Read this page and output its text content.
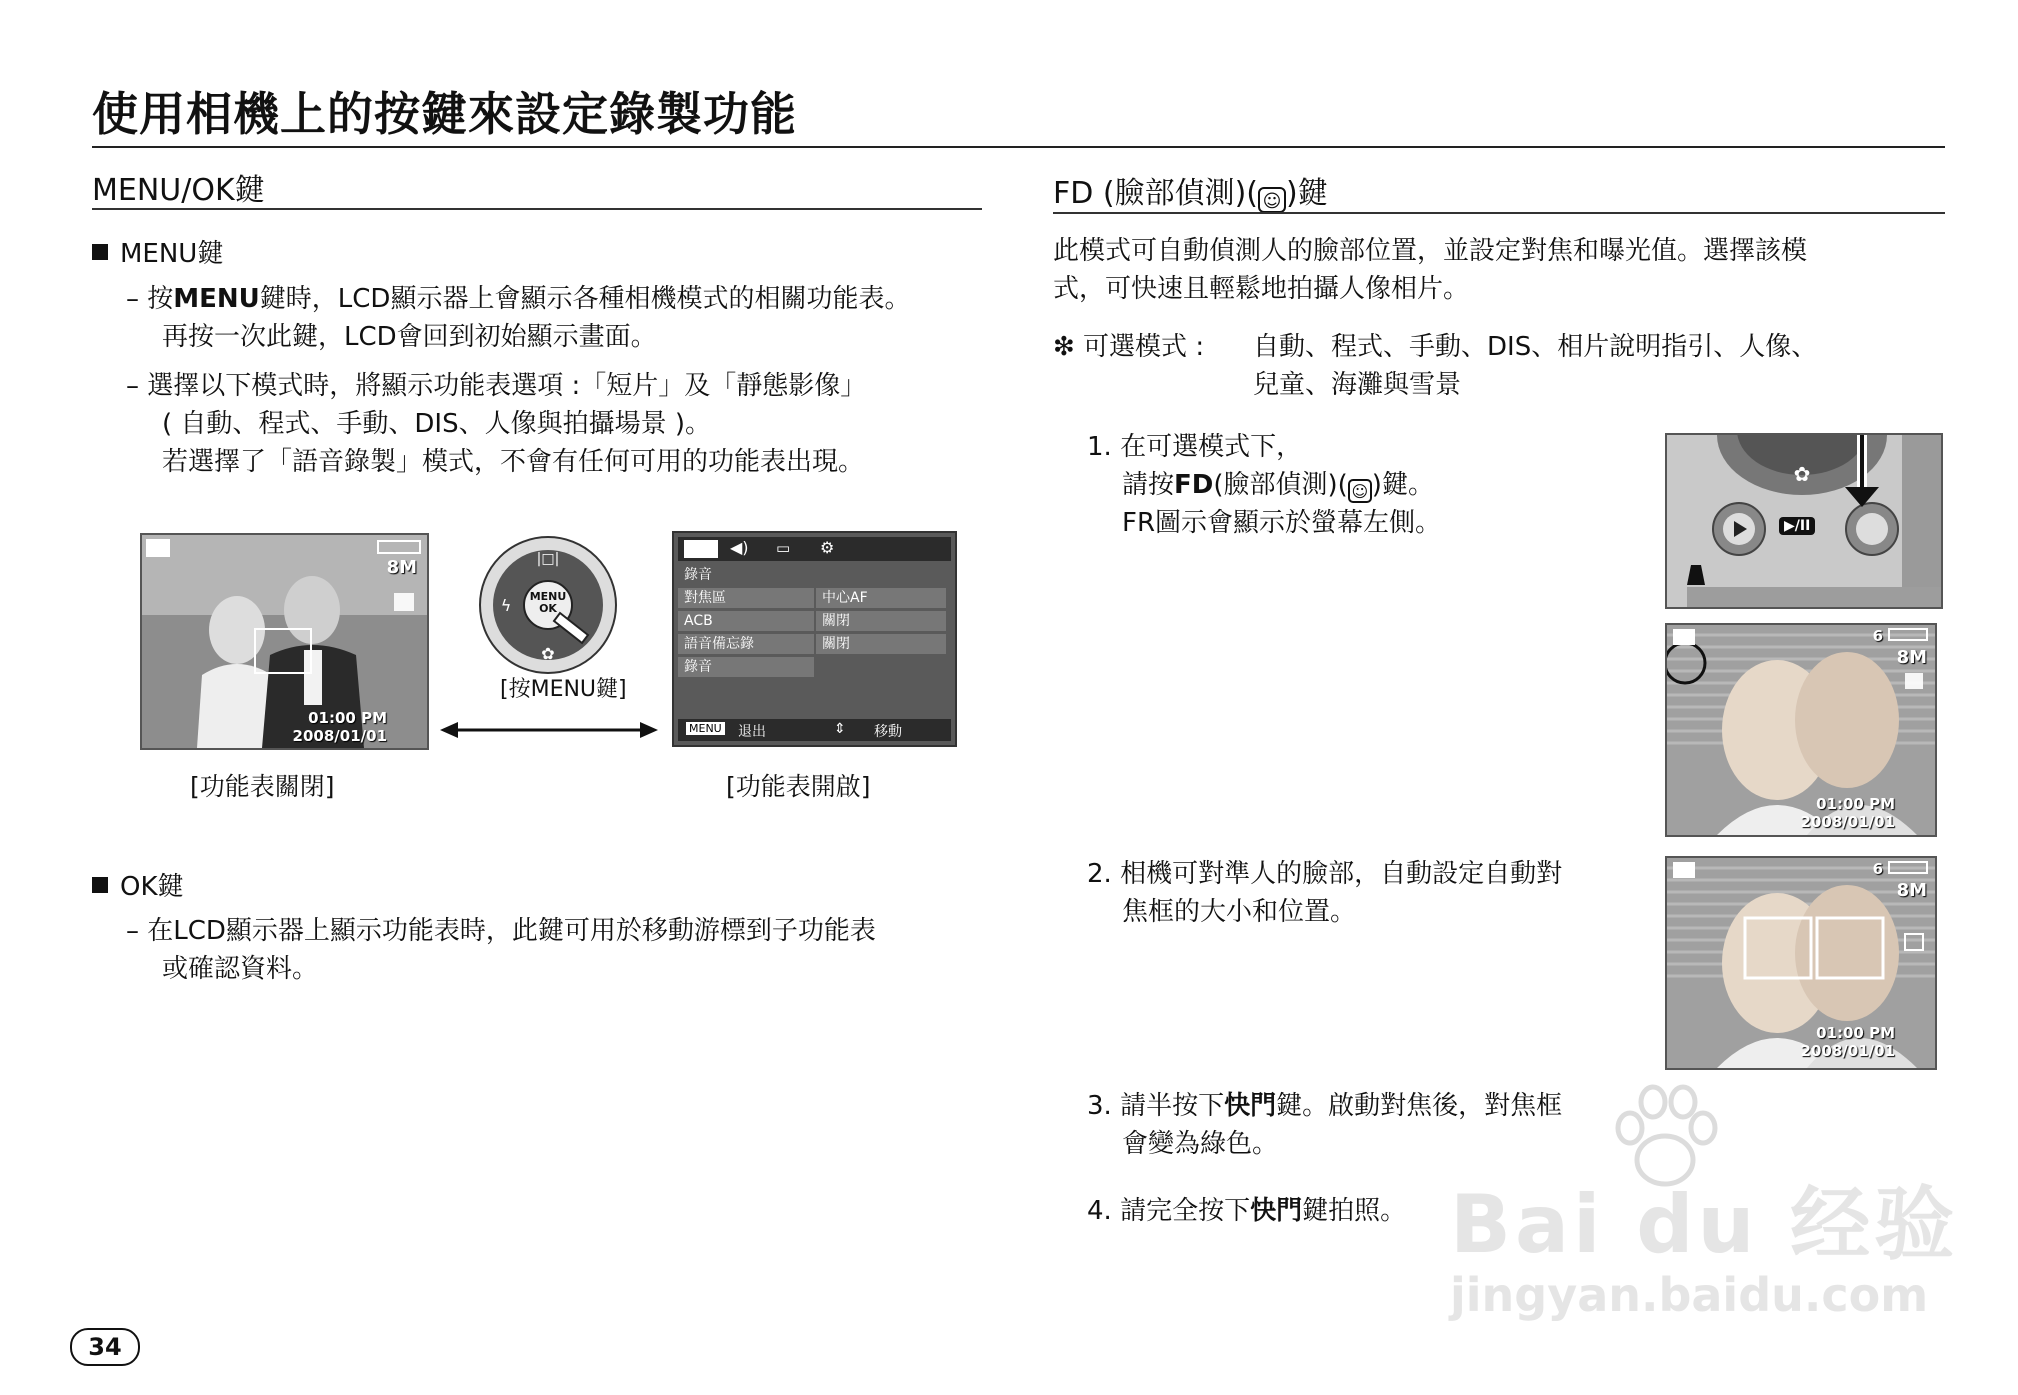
使用相機上的按鍵來設定錄製功能
MENU/OK鍵
MENU鍵
– 按MENU鍵時，LCD顯示器上會顯示各種相機模式的相關功能表。
再按一次此鍵，LCD會回到初始顯示畫面。
– 選擇以下模式時，將顯示功能表選項 :「短片」及「靜態影像」
( 自動、程式、手動、DIS、人像與拍攝場景 )。
若選擇了「語音錄製」模式，不會有任何可用的功能表出現。
8M
01:00 PM
2008/01/01
|□|
✿
ϟ	MENU
OK
[按MENU鍵]
◀) ▭ ⚙
錄音
對焦區	中心AF
ACB	關閉
語音備忘錄	關閉
錄音
MENU 退出	⇕ 移動
[功能表關閉]	[功能表開啟]
OK鍵
– 在LCD顯示器上顯示功能表時，此鍵可用於移動游標到子功能表
或確認資料。
FD (臉部偵測)( ☺ )鍵
此模式可自動偵測人的臉部位置，並設定對焦和曝光值。選擇該模
式，可快速且輕鬆地拍攝人像相片。
❇ 可選模式 : 自動、程式、手動、DIS、相片說明指引、人像、
兒童、海灘與雪景
1. 在可選模式下，
請按FD(臉部偵測)( ☺ )鍵。
FR圖示會顯示於螢幕左側。
✿
▶/II
6
8M
01:00 PM
2008/01/01
2. 相機可對準人的臉部，自動設定自動對
焦框的大小和位置。
6
8M
01:00 PM
2008/01/01
3. 請半按下快門鍵。啟動對焦後，對焦框
會變為綠色。
4. 請完全按下快門鍵拍照。 Bai du 经验
jingyan.baidu.com
34
